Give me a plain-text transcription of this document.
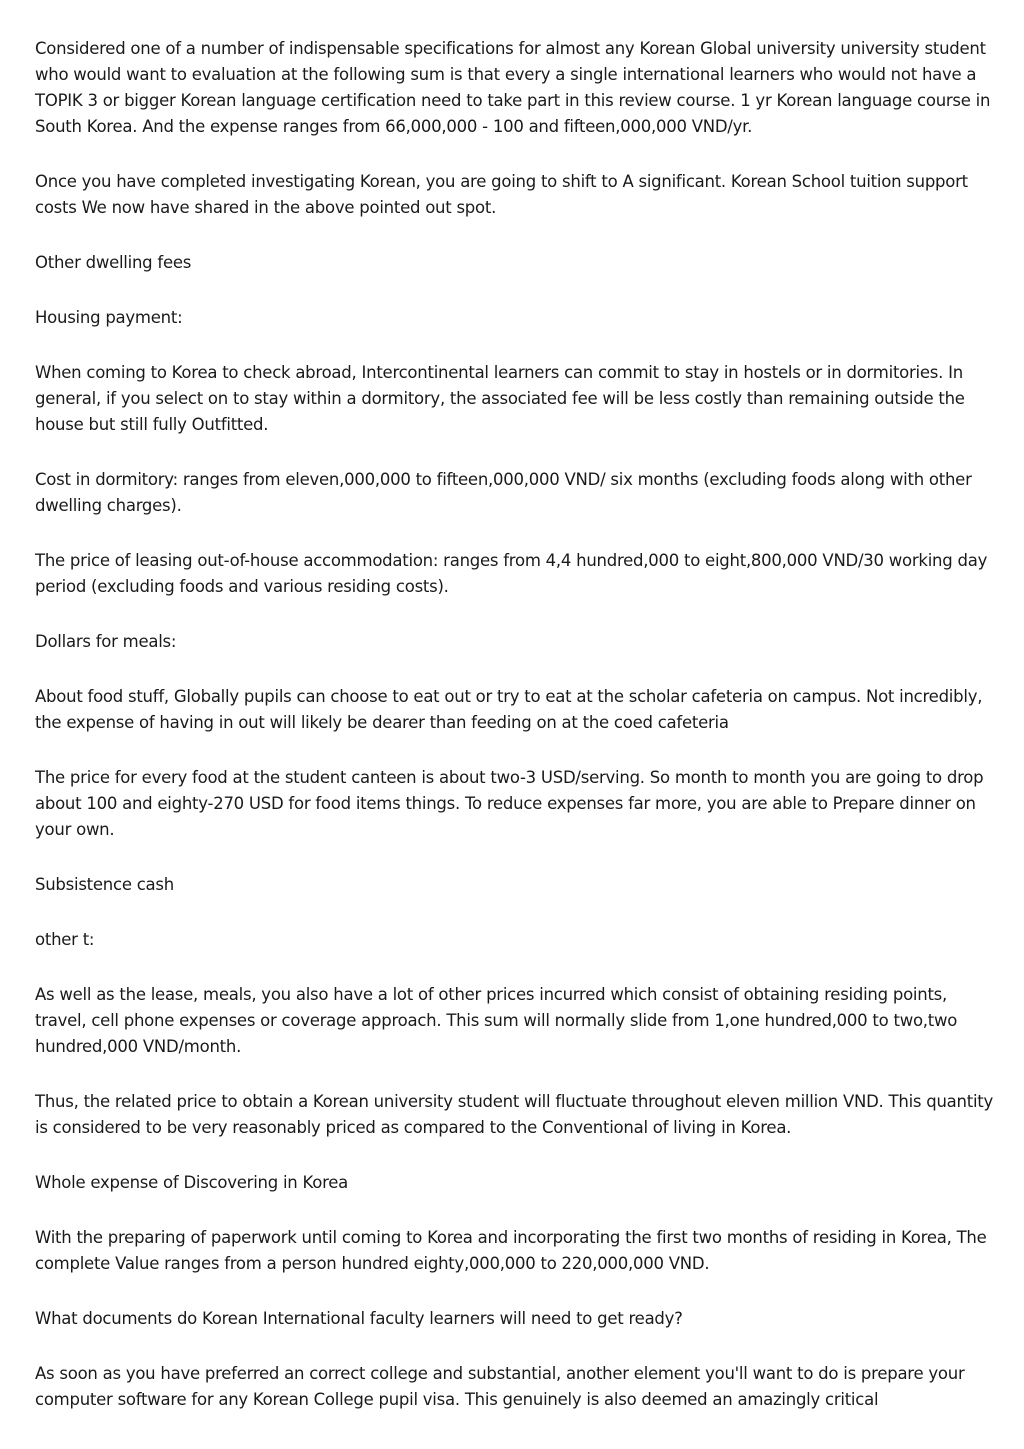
Considered one of a number of indispensable specifications for almost any Korean Global university university student who would want to evaluation at the following sum is that every a single international learners who would not have a TOPIK 3 or bigger Korean language certification need to take part in this review course. 1 yr Korean language course in South Korea. And the expense ranges from 66,000,000 - 100 and fifteen,000,000 VND/yr.

Once you have completed investigating Korean, you are going to shift to A significant. Korean School tuition support costs We now have shared in the above pointed out spot.

Other dwelling fees

Housing payment:

When coming to Korea to check abroad, Intercontinental learners can commit to stay in hostels or in dormitories. In general, if you select on to stay within a dormitory, the associated fee will be less costly than remaining outside the house but still fully Outfitted.

Cost in dormitory: ranges from eleven,000,000 to fifteen,000,000 VND/ six months (excluding foods along with other dwelling charges).

The price of leasing out-of-house accommodation: ranges from 4,4 hundred,000 to eight,800,000 VND/30 working day period (excluding foods and various residing costs).

Dollars for meals:

About food stuff, Globally pupils can choose to eat out or try to eat at the scholar cafeteria on campus. Not incredibly, the expense of having in out will likely be dearer than feeding on at the coed cafeteria

The price for every food at the student canteen is about two-3 USD/serving. So month to month you are going to drop about 100 and eighty-270 USD for food items things. To reduce expenses far more, you are able to Prepare dinner on your own.

Subsistence cash

other t:

As well as the lease, meals, you also have a lot of other prices incurred which consist of obtaining residing points, travel, cell phone expenses or coverage approach. This sum will normally slide from 1,one hundred,000 to two,two hundred,000 VND/month.

Thus, the related price to obtain a Korean university student will fluctuate throughout eleven million VND. This quantity is considered to be very reasonably priced as compared to the Conventional of living in Korea.

Whole expense of Discovering in Korea

With the preparing of paperwork until coming to Korea and incorporating the first two months of residing in Korea, The complete Value ranges from a person hundred eighty,000,000 to 220,000,000 VND.

What documents do Korean International faculty learners will need to get ready?

As soon as you have preferred an correct college and substantial, another element you'll want to do is prepare your computer software for any Korean College pupil visa. This genuinely is also deemed an amazingly critical
